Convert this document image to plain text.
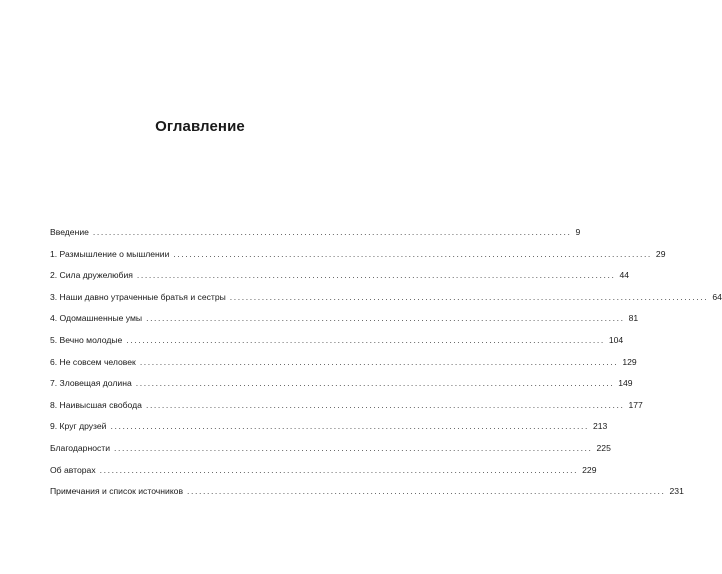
Оглавление
Введение ........................................................................................................................ 9
1. Размышление о мышлении ........................................................................................................................ 29
2. Сила дружелюбия ........................................................................................................................ 44
3. Наши давно утраченные братья и сестры ........................................................................................................................ 64
4. Одомашненные умы ........................................................................................................................ 81
5. Вечно молодые ........................................................................................................................ 104
6. Не совсем человек ........................................................................................................................ 129
7. Зловещая долина ........................................................................................................................ 149
8. Наивысшая свобода ........................................................................................................................ 177
9. Круг друзей ........................................................................................................................ 213
Благодарности ........................................................................................................................ 225
Об авторах ........................................................................................................................ 229
Примечания и список источников ........................................................................................................................ 231
